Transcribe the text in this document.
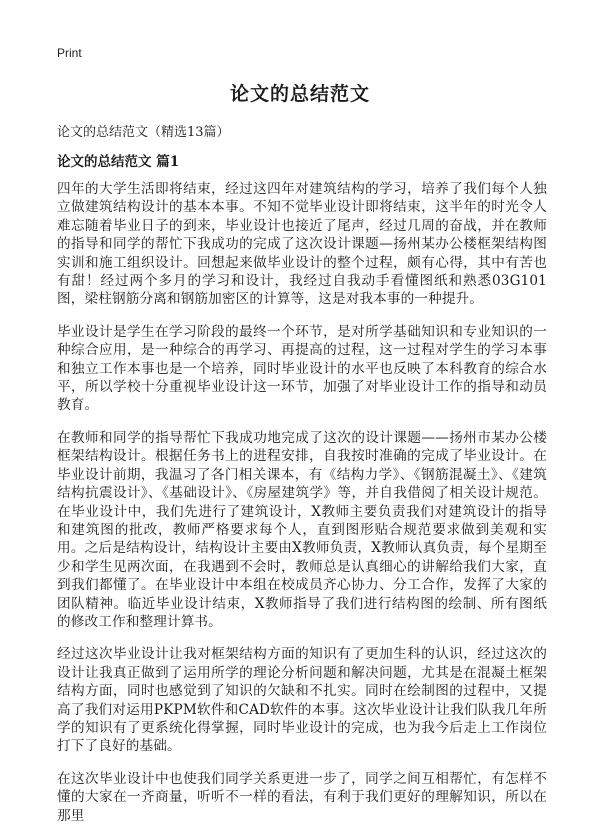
Print
论文的总结范文
论文的总结范文（精选13篇）
论文的总结范文 篇1

四年的大学生活即将结束，经过这四年对建筑结构的学习，培养了我们每个人独立做建筑结构设计的基本本事。不知不觉毕业设计即将结束，这半年的时光令人难忘随着毕业日子的到来，毕业设计也接近了尾声，经过几周的奋战，并在教师的指导和同学的帮忙下我成功的完成了这次设计课题—扬州某办公楼框架结构图实训和施工组织设计。回想起来做毕业设计的整个过程，颇有心得，其中有苦也有甜！经过两个多月的学习和设计，我经过自我动手看懂图纸和熟悉03G101图，梁柱钢筋分离和钢筋加密区的计算等，这是对我本事的一种提升。

毕业设计是学生在学习阶段的最终一个环节，是对所学基础知识和专业知识的一种综合应用，是一种综合的再学习、再提高的过程，这一过程对学生的学习本事和独立工作本事也是一个培养，同时毕业设计的水平也反映了本科教育的综合水平，所以学校十分重视毕业设计这一环节，加强了对毕业设计工作的指导和动员教育。

在教师和同学的指导帮忙下我成功地完成了这次的设计课题——扬州市某办公楼框架结构设计。根据任务书上的进程安排，自我按时准确的完成了毕业设计。在毕业设计前期，我温习了各门相关课本，有《结构力学》、《钢筋混凝土》、《建筑结构抗震设计》、《基础设计》、《房屋建筑学》等，并自我借阅了相关设计规范。在毕业设计中，我们先进行了建筑设计，X教师主要负责我们对建筑设计的指导和建筑图的批改，教师严格要求每个人，直到图形贴合规范要求做到美观和实用。之后是结构设计，结构设计主要由X教师负责，X教师认真负责，每个星期至少和学生见两次面，在我遇到不会时，教师总是认真细心的讲解给我们大家，直到我们都懂了。在毕业设计中本组在校成员齐心协力、分工合作，发挥了大家的团队精神。临近毕业设计结束，X教师指导了我们进行结构图的绘制、所有图纸的修改工作和整理计算书。

经过这次毕业设计让我对框架结构方面的知识有了更加生科的认识，经过这次的设计让我真正做到了运用所学的理论分析问题和解决问题，尤其是在混凝土框架结构方面，同时也感觉到了知识的欠缺和不扎实。同时在绘制图的过程中，又提高了我们对运用PKPM软件和CAD软件的本事。这次毕业设计让我们队我几年所学的知识有了更系统化得掌握，同时毕业设计的完成，也为我今后走上工作岗位打下了良好的基础。

在这次毕业设计中也使我们同学关系更进一步了，同学之间互相帮忙，有怎样不懂的大家在一齐商量，听听不一样的看法，有利于我们更好的理解知识，所以在那里
